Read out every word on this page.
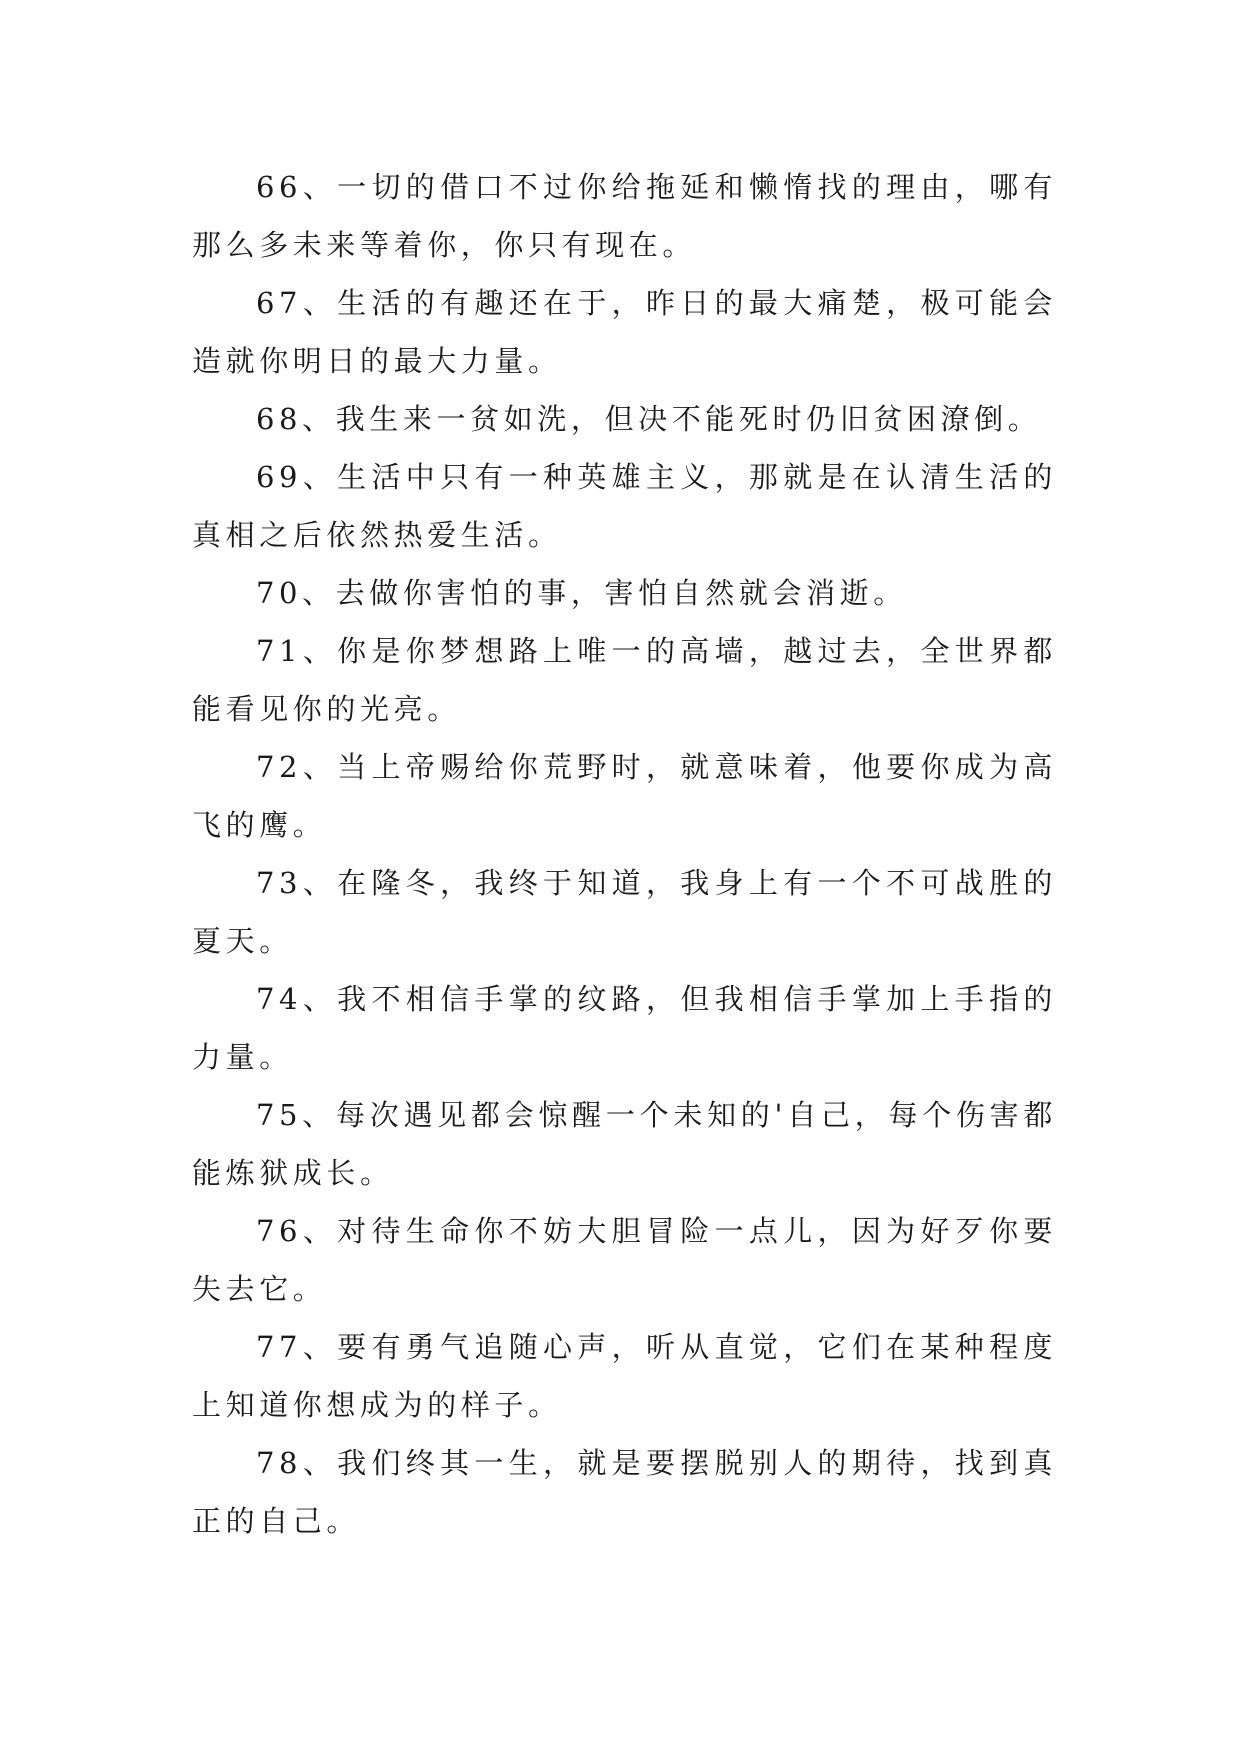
66、一切的借口不过你给拖延和懒惰找的理由，哪有那么多未来等着你，你只有现在。

67、生活的有趣还在于，昨日的最大痛楚，极可能会造就你明日的最大力量。

68、我生来一贫如洗，但决不能死时仍旧贫困潦倒。

69、生活中只有一种英雄主义，那就是在认清生活的真相之后依然热爱生活。

70、去做你害怕的事，害怕自然就会消逝。

71、你是你梦想路上唯一的高墙，越过去，全世界都能看见你的光亮。

72、当上帝赐给你荒野时，就意味着，他要你成为高飞的鹰。

73、在隆冬，我终于知道，我身上有一个不可战胜的夏天。

74、我不相信手掌的纹路，但我相信手掌加上手指的力量。

75、每次遇见都会惊醒一个未知的'自己，每个伤害都能炼狱成长。

76、对待生命你不妨大胆冒险一点儿，因为好歹你要失去它。

77、要有勇气追随心声，听从直觉，它们在某种程度上知道你想成为的样子。

78、我们终其一生，就是要摆脱别人的期待，找到真正的自己。
